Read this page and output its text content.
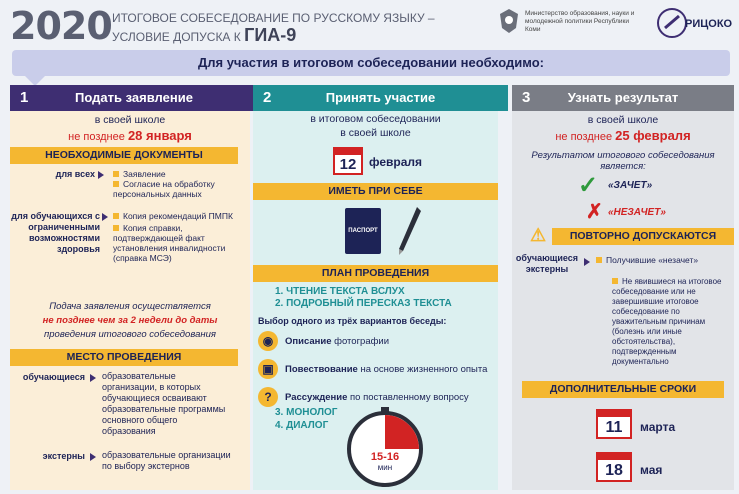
2020 ИТОГОВОЕ СОБЕСЕДОВАНИЕ ПО РУССКОМУ ЯЗЫКУ –
УСЛОВИЕ ДОПУСКА К ГИА-9
Министерство образования, науки и молодежной политики Республики Коми	РИЦОКО
Для участия в итоговом собеседовании необходимо:
1	Подать заявление
в своей школе
не позднее 28 января
НЕОБХОДИМЫЕ ДОКУМЕНТЫ
для всех	Заявление
Согласие на обработку персональных данных
для обучающихся с ограниченными возможностями здоровья
Копия рекомендаций ПМПК
Копия справки, подтверждающей факт установления инвалидности (справка МСЭ)
Подача заявления осуществляется
не позднее чем за 2 недели до даты
проведения итогового собеседования
МЕСТО ПРОВЕДЕНИЯ
обучающиеся образовательные организации, в которых обучающиеся осваивают образовательные программы основного общего образования
экстерны образовательные организации по выбору экстернов
2	Принять участие
в итоговом собеседовании
в своей школе
12	февраля
ИМЕТЬ ПРИ СЕБЕ
ПАСПОРТ
ПЛАН ПРОВЕДЕНИЯ
1. ЧТЕНИЕ ТЕКСТА ВСЛУХ
2. ПОДРОБНЫЙ ПЕРЕСКАЗ ТЕКСТА
Выбор одного из трёх вариантов беседы:
◉	Описание фотографии
▣	Повествование на основе жизненного опыта
?	Рассуждение по поставленному вопросу
3. МОНОЛОГ
4. ДИАЛОГ
15-16
мин
3	Узнать результат
в своей школе
не позднее 25 февраля
Результатом итогового собеседования является:
✓ «ЗАЧЕТ»
✗ «НЕЗАЧЕТ»
⚠	ПОВТОРНО ДОПУСКАЮТСЯ
обучающиеся экстерны
Получившие «незачет»
Не явившиеся на итоговое собеседование или не завершившие итоговое собеседование по уважительным причинам (болезнь или иные обстоятельства), подтвержденным документально
ДОПОЛНИТЕЛЬНЫЕ СРОКИ
11	марта
18	мая
